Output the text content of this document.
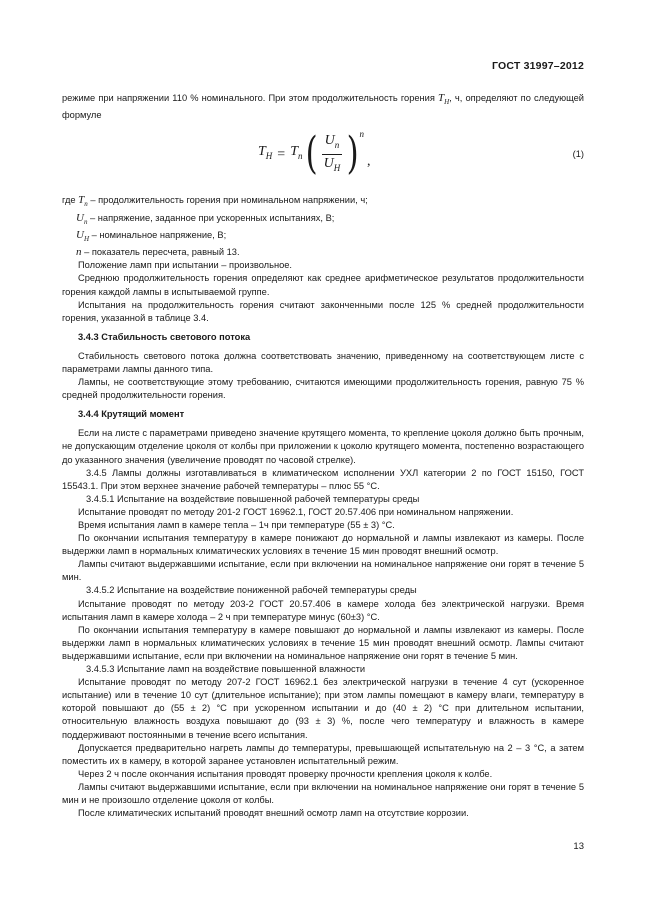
ГОСТ 31997–2012

режиме при напряжении 110 % номинального. При этом продолжительность горения $T_Н$, ч, определяют по следующей формуле

$T_Н = T_п$ ( $\frac{U_п}{U_Н}$ ) n
,	(1)

где $T_п$ – продолжительность горения при номинальном напряжении, ч;

$U_п$ – напряжение, заданное при ускоренных испытаниях, В;

$U_Н$ – номинальное напряжение, В;

n – показатель пересчета, равный 13.

Положение ламп при испытании – произвольное.

Среднюю продолжительность горения определяют как среднее арифметическое результатов продолжительности горения каждой лампы в испытываемой группе.

Испытания на продолжительность горения считают законченными после 125 % средней продолжительности горения, указанной в таблице 3.4.

3.4.3 Стабильность светового потока

Стабильность светового потока должна соответствовать значению, приведенному на соответствующем листе с параметрами лампы данного типа.

Лампы, не соответствующие этому требованию, считаются имеющими продолжительность горения, равную 75 % средней продолжительности горения.

3.4.4 Крутящий момент

Если на листе с параметрами приведено значение крутящего момента, то крепление цоколя должно быть прочным, не допускающим отделение цоколя от колбы при приложении к цоколю крутящего момента, постепенно возрастающего до указанного значения (увеличение проводят по часовой стрелке).

3.4.5 Лампы должны изготавливаться в климатическом исполнении УХЛ категории 2 по ГОСТ 15150, ГОСТ 15543.1. При этом верхнее значение рабочей температуры – плюс 55 °С.

3.4.5.1 Испытание на воздействие повышенной рабочей температуры среды

Испытание проводят по методу 201-2 ГОСТ 16962.1, ГОСТ 20.57.406 при номинальном напряжении.

Время испытания ламп в камере тепла – 1ч при температуре (55 ± 3) °С.

По окончании испытания температуру в камере понижают до нормальной и лампы извлекают из камеры. После выдержки ламп в нормальных климатических условиях в течение 15 мин проводят внешний осмотр.

Лампы считают выдержавшими испытание, если при включении на номинальное напряжение они горят в течение 5 мин.

3.4.5.2 Испытание на воздействие пониженной рабочей температуры среды

Испытание проводят по методу 203-2 ГОСТ 20.57.406 в камере холода без электрической нагрузки. Время испытания ламп в камере холода – 2 ч при температуре минус (60±3) °С.

По окончании испытания температуру в камере повышают до нормальной и лампы извлекают из камеры. После выдержки ламп в нормальных климатических условиях в течение 15 мин проводят внешний осмотр. Лампы считают выдержавшими испытание, если при включении на номинальное напряжение они горят в течение 5 мин.

3.4.5.3 Испытание ламп на воздействие повышенной влажности

Испытание проводят по методу 207-2 ГОСТ 16962.1 без электрической нагрузки в течение 4 сут (ускоренное испытание) или в течение 10 сут (длительное испытание); при этом лампы помещают в камеру влаги, температуру в которой повышают до (55 ± 2) °С при ускоренном испытании и до (40 ± 2) °С при длительном испытании, относительную влажность воздуха повышают до (93 ± 3) %, после чего температуру и влажность в камере поддерживают постоянными в течение всего испытания.

Допускается предварительно нагреть лампы до температуры, превышающей испытательную на 2 – 3 °С, а затем поместить их в камеру, в которой заранее установлен испытательный режим.

Через 2 ч после окончания испытания проводят проверку прочности крепления цоколя к колбе.

Лампы считают выдержавшими испытание, если при включении на номинальное напряжение они горят в течение 5 мин и не произошло отделение цоколя от колбы.

После климатических испытаний проводят внешний осмотр ламп на отсутствие коррозии.

13
